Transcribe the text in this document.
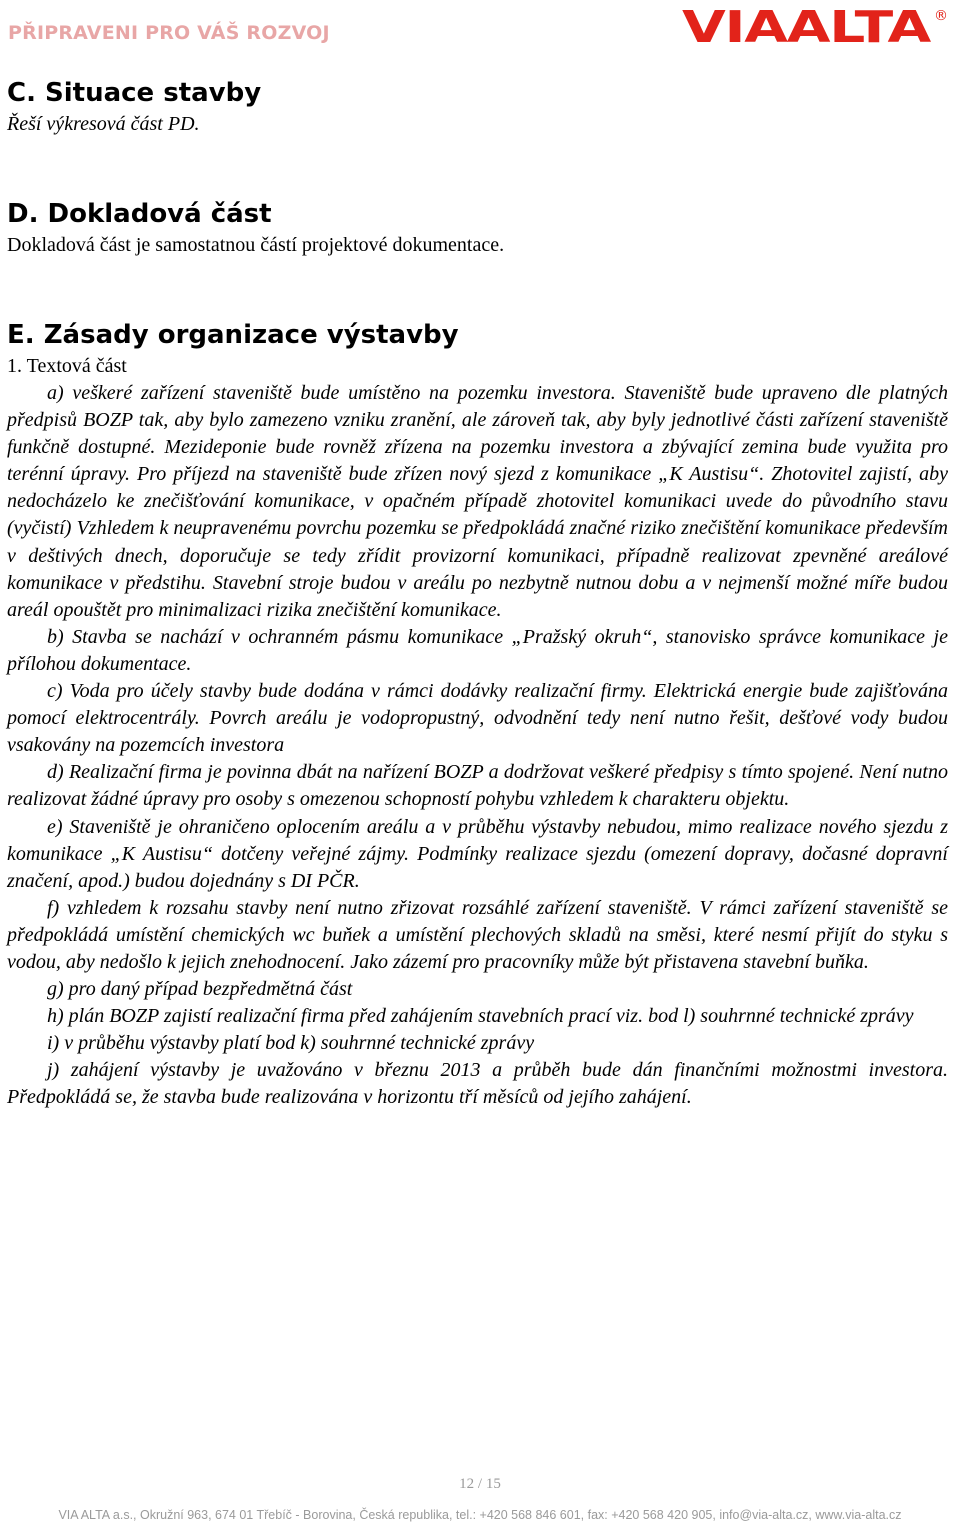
PŘIPRAVENI PRO VÁŠ ROZVOJ	VIAALTA ®
C. Situace stavby

Řeší výkresová část PD.

D. Dokladová část

Dokladová část je samostatnou částí projektové dokumentace.

E. Zásady organizace výstavby

1. Textová část

a) veškeré zařízení staveniště bude umístěno na pozemku investora. Staveniště bude upraveno dle platných předpisů BOZP tak, aby bylo zamezeno vzniku zranění, ale zároveň tak, aby byly jednotlivé části zařízení staveniště funkčně dostupné. Mezideponie bude rovněž zřízena na pozemku investora a zbývající zemina bude využita pro terénní úpravy. Pro příjezd na staveniště bude zřízen nový sjezd z komunikace „K Austisu“. Zhotovitel zajistí, aby nedocházelo ke znečišťování komunikace, v opačném případě zhotovitel komunikaci uvede do původního stavu (vyčistí) Vzhledem k neupravenému povrchu pozemku se předpokládá značné riziko znečištění komunikace především v deštivých dnech, doporučuje se tedy zřídit provizorní komunikaci, případně realizovat zpevněné areálové komunikace v předstihu. Stavební stroje budou v areálu po nezbytně nutnou dobu a v nejmenší možné míře budou areál opouštět pro minimalizaci rizika znečištění komunikace.

b) Stavba se nachází v ochranném pásmu komunikace „Pražský okruh“, stanovisko správce komunikace je přílohou dokumentace.

c) Voda pro účely stavby bude dodána v rámci dodávky realizační firmy. Elektrická energie bude zajišťována pomocí elektrocentrály. Povrch areálu je vodopropustný, odvodnění tedy není nutno řešit, dešťové vody budou vsakovány na pozemcích investora

d) Realizační firma je povinna dbát na nařízení BOZP a dodržovat veškeré předpisy s tímto spojené. Není nutno realizovat žádné úpravy pro osoby s omezenou schopností pohybu vzhledem k charakteru objektu.

e) Staveniště je ohraničeno oplocením areálu a v průběhu výstavby nebudou, mimo realizace nového sjezdu z komunikace „K Austisu“ dotčeny veřejné zájmy. Podmínky realizace sjezdu (omezení dopravy, dočasné dopravní značení, apod.) budou dojednány s DI PČR.

f) vzhledem k rozsahu stavby není nutno zřizovat rozsáhlé zařízení staveniště. V rámci zařízení staveniště se předpokládá umístění chemických wc buňek a umístění plechových skladů na směsi, které nesmí přijít do styku s vodou, aby nedošlo k jejich znehodnocení. Jako zázemí pro pracovníky může být přistavena stavební buňka.

g) pro daný případ bezpředmětná část

h) plán BOZP zajistí realizační firma před zahájením stavebních prací viz. bod l) souhrnné technické zprávy

i) v průběhu výstavby platí bod k) souhrnné technické zprávy

j) zahájení výstavby je uvažováno v březnu 2013 a průběh bude dán finančními možnostmi investora. Předpokládá se, že stavba bude realizována v horizontu tří měsíců od jejího zahájení.

12 / 15
VIA ALTA a.s., Okružní 963, 674 01 Třebíč - Borovina, Česká republika, tel.: +420 568 846 601, fax: +420 568 420 905, info@via-alta.cz, www.via-alta.cz
